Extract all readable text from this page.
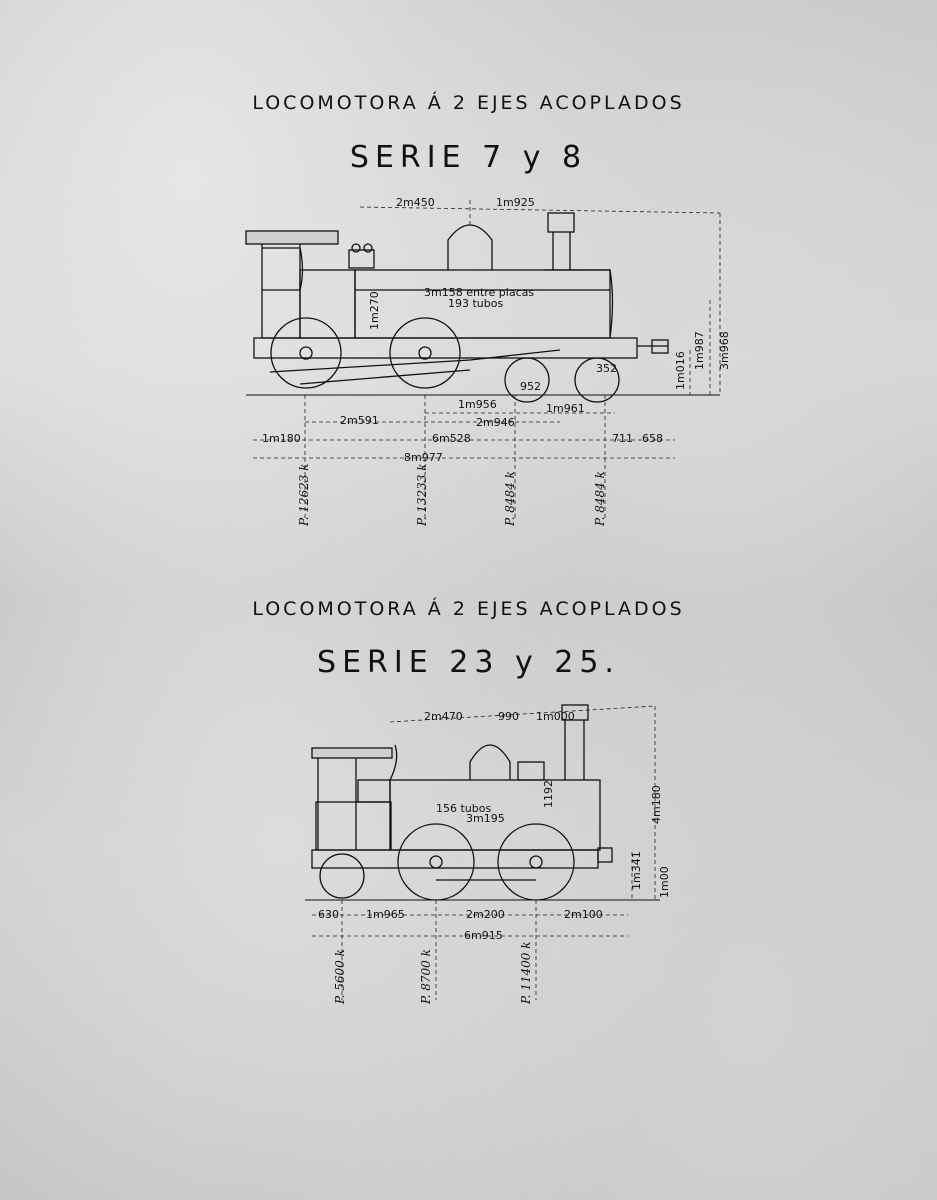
LOCOMOTORA Á 2 EJES ACOPLADOS
SERIE 7 y 8
LOCOMOTORA Á 2 EJES ACOPLADOS
SERIE 23 y 25.
2m450	1m925
3m158 entre placas
193 tubos
1m270
1m956	1m961
2m591	2m946
1m180	6m528	711 658
8m977
352
952	1m016
1m987 3m968
P. 12623 k	P. 13233 k	P. 8484 k	P. 8484 k
2m470	990 1m000
156 tubos
3m195
1192
630 1m965	2m200	2m100
6m915
4m180
1m341 1m00
P. 5600 k	P. 8700 k	P. 11400 k
